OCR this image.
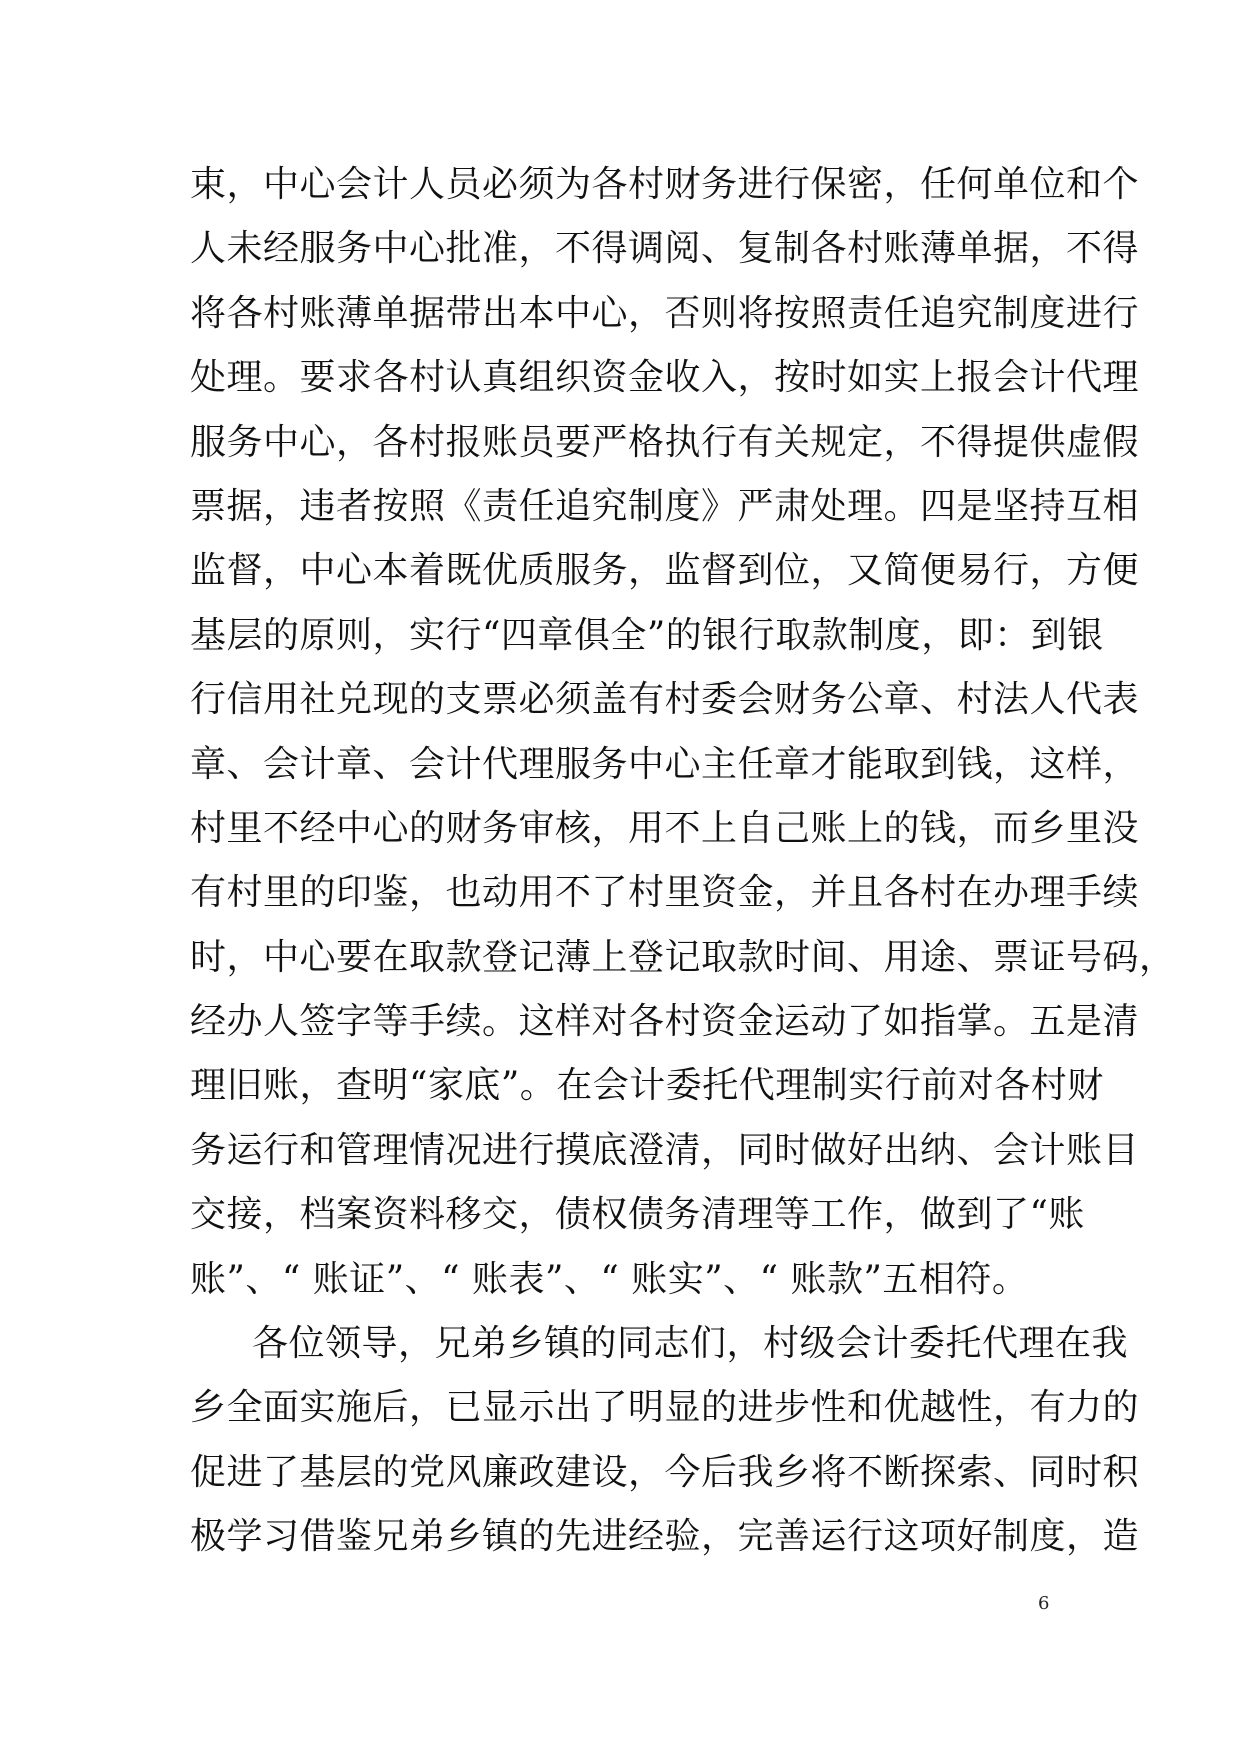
束，中心会计人员必须为各村财务进行保密，任何单位和个
人未经服务中心批准，不得调阅、复制各村账薄单据，不得
将各村账薄单据带出本中心，否则将按照责任追究制度进行
处理。要求各村认真组织资金收入，按时如实上报会计代理
服务中心，各村报账员要严格执行有关规定，不得提供虚假
票据，违者按照《责任追究制度》严肃处理。四是坚持互相
监督，中心本着既优质服务，监督到位，又简便易行，方便
基层的原则，实行“四章俱全”的银行取款制度，即：到银
行信用社兑现的支票必须盖有村委会财务公章、村法人代表
章、会计章、会计代理服务中心主任章才能取到钱，这样，
村里不经中心的财务审核，用不上自己账上的钱，而乡里没
有村里的印鉴，也动用不了村里资金，并且各村在办理手续
时，中心要在取款登记薄上登记取款时间、用途、票证号码，
经办人签字等手续。这样对各村资金运动了如指掌。五是清
理旧账，查明“家底”。在会计委托代理制实行前对各村财
务运行和管理情况进行摸底澄清，同时做好出纳、会计账目
交接，档案资料移交，债权债务清理等工作，做到了“账
账”、“ 账证”、“ 账表”、“ 账实”、“ 账款”五相符。
各位领导，兄弟乡镇的同志们，村级会计委托代理在我
乡全面实施后，已显示出了明显的进步性和优越性，有力的
促进了基层的党风廉政建设，今后我乡将不断探索、同时积
极学习借鉴兄弟乡镇的先进经验，完善运行这项好制度，造
6
